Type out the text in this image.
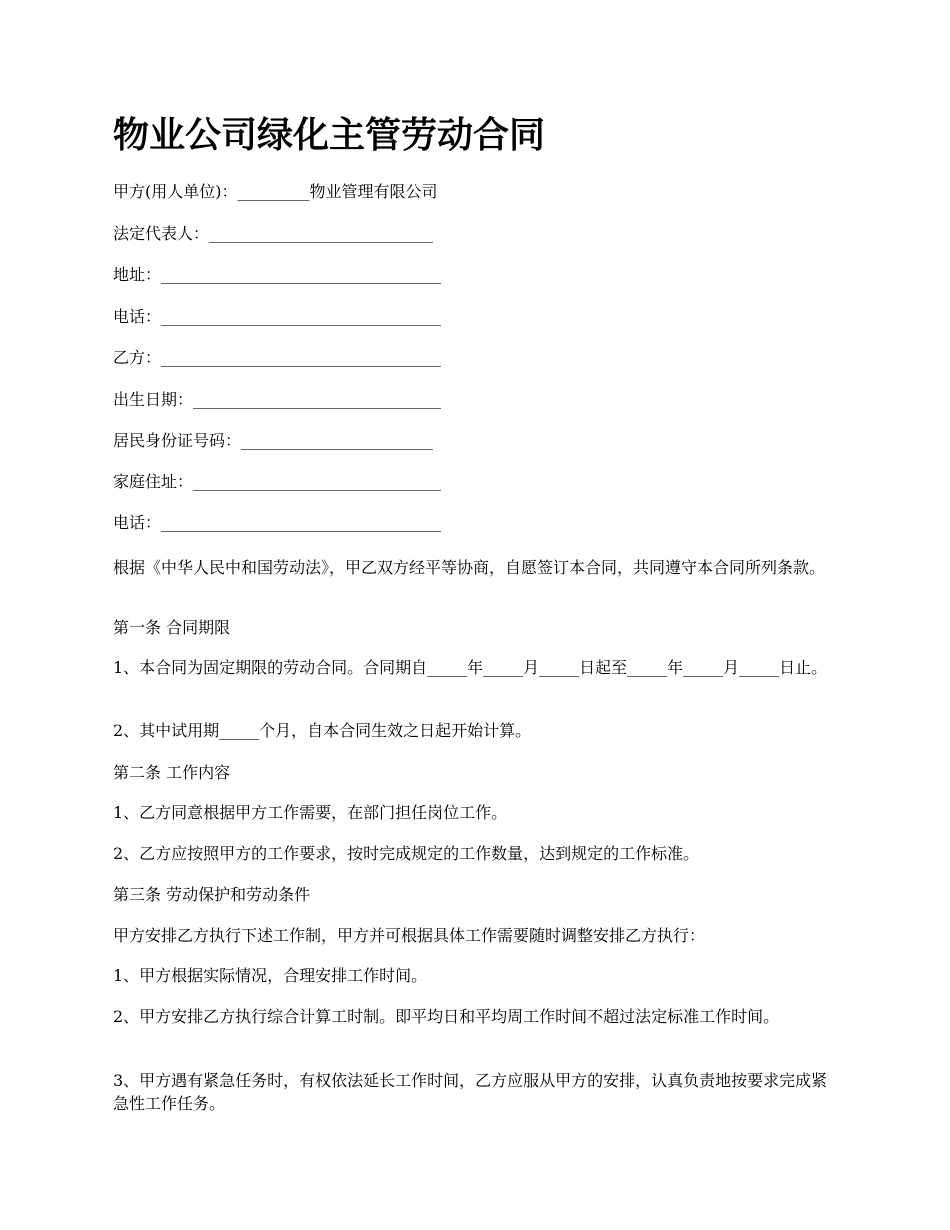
物业公司绿化主管劳动合同
甲方(用人单位)：_________物业管理有限公司
法定代表人：____________________________
地址：___________________________________
电话：___________________________________
乙方：___________________________________
出生日期：_______________________________
居民身份证号码：________________________
家庭住址：_______________________________
电话：___________________________________

根据《中华人民中和国劳动法》，甲乙双方经平等协商，自愿签订本合同，共同遵守本合同所列条款。

第一条 合同期限

1、本合同为固定期限的劳动合同。合同期自_____年_____月_____日起至_____年_____月_____日止。

2、其中试用期_____个月，自本合同生效之日起开始计算。

第二条 工作内容

1、乙方同意根据甲方工作需要，在部门担任岗位工作。

2、乙方应按照甲方的工作要求，按时完成规定的工作数量，达到规定的工作标准。

第三条 劳动保护和劳动条件

甲方安排乙方执行下述工作制，甲方并可根据具体工作需要随时调整安排乙方执行：

1、甲方根据实际情况，合理安排工作时间。

2、甲方安排乙方执行综合计算工时制。即平均日和平均周工作时间不超过法定标准工作时间。

3、甲方遇有紧急任务时，有权依法延长工作时间，乙方应服从甲方的安排，认真负责地按要求完成紧急性工作任务。
